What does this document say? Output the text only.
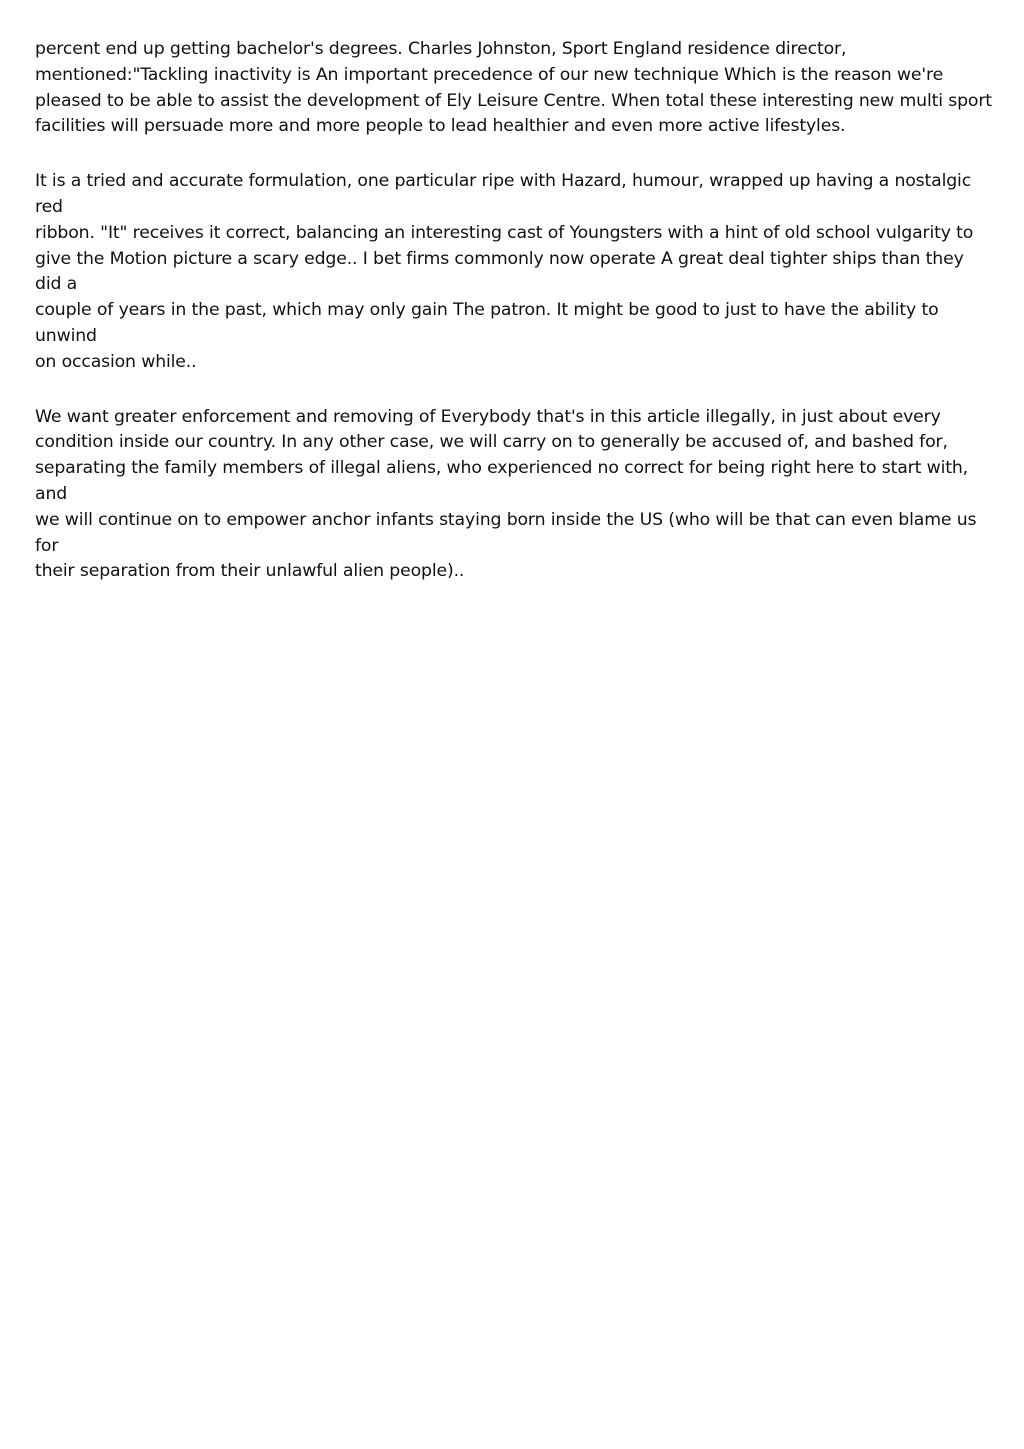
percent end up getting bachelor's degrees. Charles Johnston, Sport England residence director,
mentioned:"Tackling inactivity is An important precedence of our new technique Which is the reason we're
pleased to be able to assist the development of Ely Leisure Centre. When total these interesting new multi sport
facilities will persuade more and more people to lead healthier and even more active lifestyles.

It is a tried and accurate formulation, one particular ripe with Hazard, humour, wrapped up having a nostalgic red
ribbon. "It" receives it correct, balancing an interesting cast of Youngsters with a hint of old school vulgarity to
give the Motion picture a scary edge.. I bet firms commonly now operate A great deal tighter ships than they did a
couple of years in the past, which may only gain The patron. It might be good to just to have the ability to unwind
on occasion while..

We want greater enforcement and removing of Everybody that's in this article illegally, in just about every
condition inside our country. In any other case, we will carry on to generally be accused of, and bashed for,
separating the family members of illegal aliens, who experienced no correct for being right here to start with, and
we will continue on to empower anchor infants staying born inside the US (who will be that can even blame us for
their separation from their unlawful alien people)..
